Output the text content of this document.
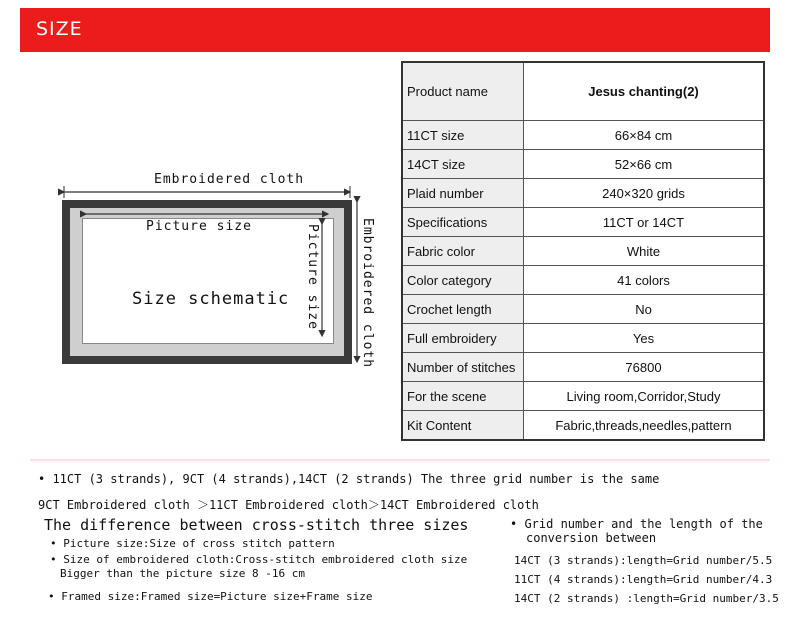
SIZE
Embroidered cloth
Picture size
Size schematic Picture size	Embroidered cloth
Product name	Jesus chanting(2)
11CT size	66×84 cm
14CT size	52×66 cm
Plaid number	240×320 grids
Specifications	11CT or 14CT
Fabric color	White
Color category	41 colors
Crochet length	No
Full embroidery	Yes
Number of stitches	76800
For the scene	Living room,Corridor,Study
Kit Content	Fabric,threads,needles,pattern
• 11CT (3 strands), 9CT (4 strands),14CT (2 strands) The three grid number is the same
9CT Embroidered cloth ＞11CT Embroidered cloth＞14CT Embroidered cloth
The difference between cross-stitch three sizes
• Picture size:Size of cross stitch pattern
• Size of embroidered cloth:Cross-stitch embroidered cloth size
Bigger than the picture size 8 -16 cm
• Framed size:Framed size=Picture size+Frame size
• Grid number and the length of the
conversion between
14CT (3 strands):length=Grid number/5.5
11CT (4 strands):length=Grid number/4.3
14CT (2 strands) :length=Grid number/3.5
